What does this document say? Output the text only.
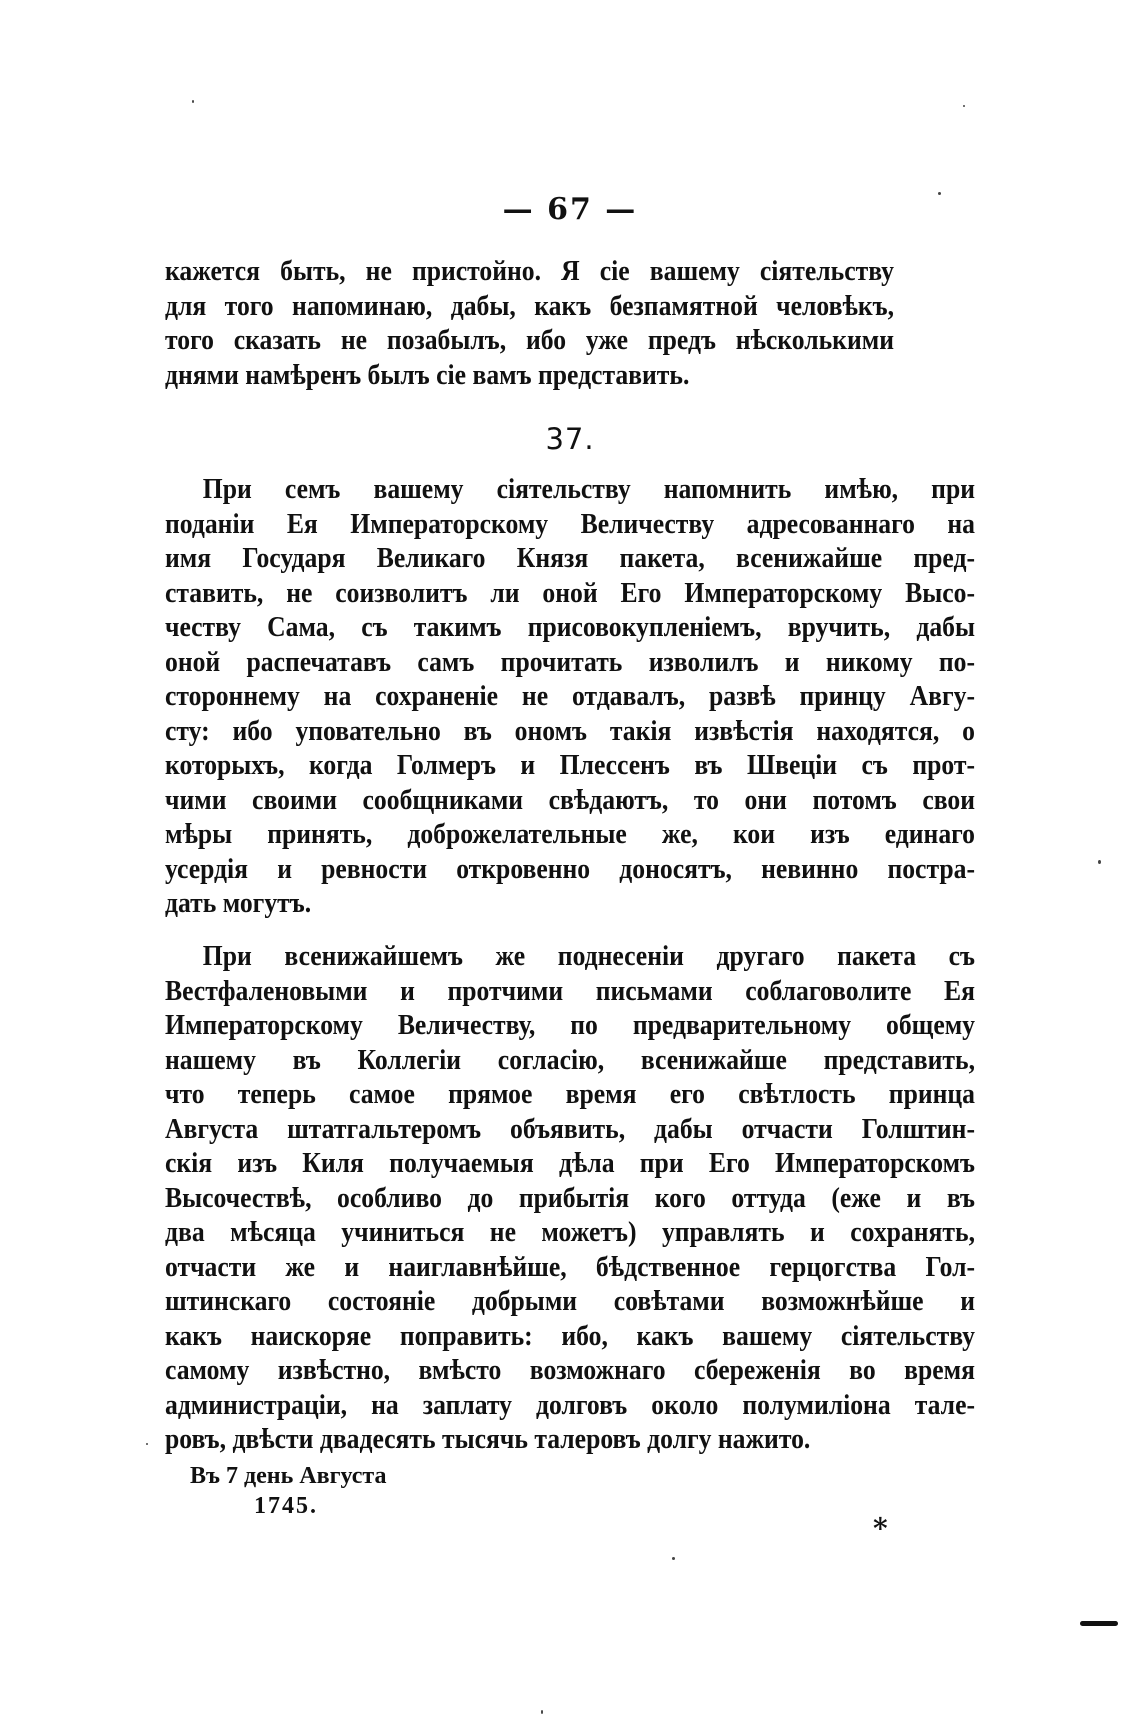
— 67 —
кажется быть, не пристойно. Я сіе вашему сіятельству
для того напоминаю, дабы, какъ безпамятной человѣкъ,
того сказать не позабылъ, ибо уже предъ нѣсколькими
днями намѣренъ былъ сіе вамъ представить.
37.
При семъ вашему сіятельству напомнить имѣю, при
поданіи Ея Императорскому Величеству адресованнаго на
имя Государя Великаго Князя пакета, всенижайше пред-
ставить, не соизволитъ ли оной Его Императорскому Высо-
честву Сама, съ такимъ присовокупленіемъ, вручить, дабы
оной распечатавъ самъ прочитать изволилъ и никому по-
стороннему на сохраненіе не отдавалъ, развѣ принцу Авгу-
сту: ибо уповательно въ ономъ такія извѣстія находятся, о
которыхъ, когда Голмеръ и Плессенъ въ Швеціи съ прот-
чими своими сообщниками свѣдаютъ, то они потомъ свои
мѣры принять, доброжелательные же, кои изъ единаго
усердія и ревности откровенно доносятъ, невинно постра-
дать могутъ.
При всенижайшемъ же поднесеніи другаго пакета съ
Вестфаленовыми и протчими письмами соблаговолите Ея
Императорскому Величеству, по предварительному общему
нашему въ Коллегіи согласію, всенижайше представить,
что теперь самое прямое время его свѣтлость принца
Августа штатгальтеромъ объявить, дабы отчасти Голштин-
скія изъ Киля получаемыя дѣла при Его Императорскомъ
Высочествѣ, особливо до прибытія кого оттуда (еже и въ
два мѣсяца учиниться не можетъ) управлять и сохранять,
отчасти же и наиглавнѣйше, бѣдственное герцогства Гол-
штинскаго состояніе добрыми совѣтами возможнѣйше и
какъ наискоряе поправить: ибо, какъ вашему сіятельству
самому извѣстно, вмѣсто возможнаго сбереженія во время
администраціи, на заплату долговъ около полумиліона тале-
ровъ, двѣсти двадесять тысячь талеровъ долгу нажито.
Въ 7 день Августа
1745.
*
